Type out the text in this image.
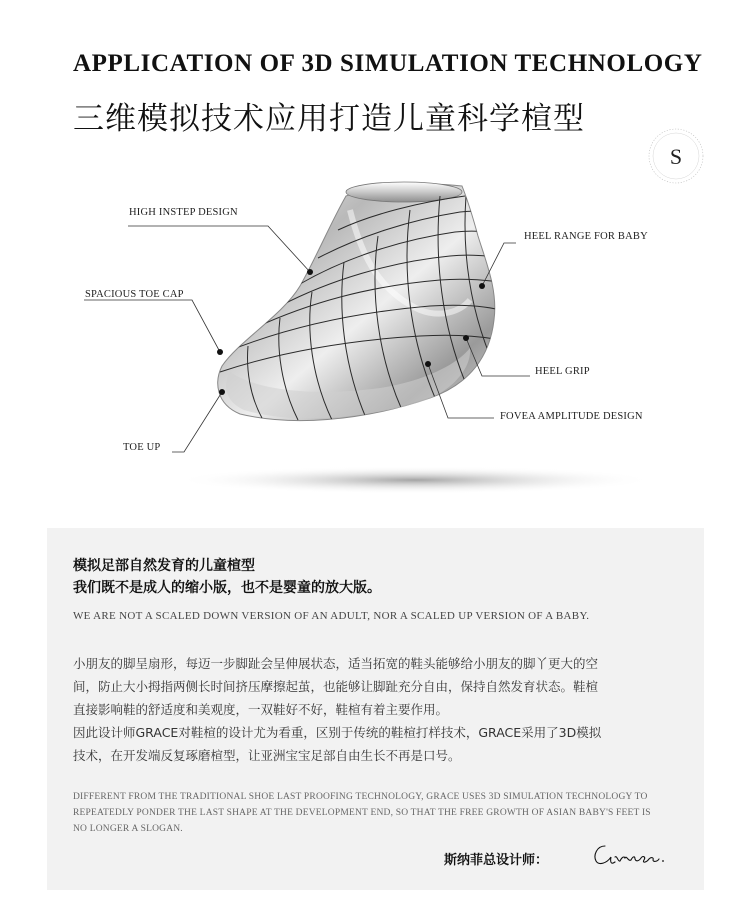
APPLICATION OF 3D SIMULATION TECHNOLOGY
三维模拟技术应用打造儿童科学楦型
S
HIGH INSTEP DESIGN
HEEL RANGE FOR BABY
SPACIOUS TOE CAP
HEEL GRIP
FOVEA AMPLITUDE DESIGN
TOE UP
模拟足部自然发育的儿童楦型
我们既不是成人的缩小版，也不是婴童的放大版。
WE ARE NOT A SCALED DOWN VERSION OF AN ADULT, NOR A SCALED UP VERSION OF A BABY.
小朋友的脚呈扇形，每迈一步脚趾会呈伸展状态，适当拓宽的鞋头能够给小朋友的脚丫更大的空
间，防止大小拇指两侧长时间挤压摩擦起茧，也能够让脚趾充分自由，保持自然发育状态。鞋楦
直接影响鞋的舒适度和美观度，一双鞋好不好，鞋楦有着主要作用。
因此设计师GRACE对鞋楦的设计尤为看重，区别于传统的鞋楦打样技术，GRACE采用了3D模拟
技术，在开发端反复琢磨楦型，让亚洲宝宝足部自由生长不再是口号。
DIFFERENT FROM THE TRADITIONAL SHOE LAST PROOFING TECHNOLOGY, GRACE USES 3D SIMULATION TECHNOLOGY TO
REPEATEDLY PONDER THE LAST SHAPE AT THE DEVELOPMENT END, SO THAT THE FREE GROWTH OF ASIAN BABY'S FEET IS
NO LONGER A SLOGAN.
斯纳菲总设计师：
